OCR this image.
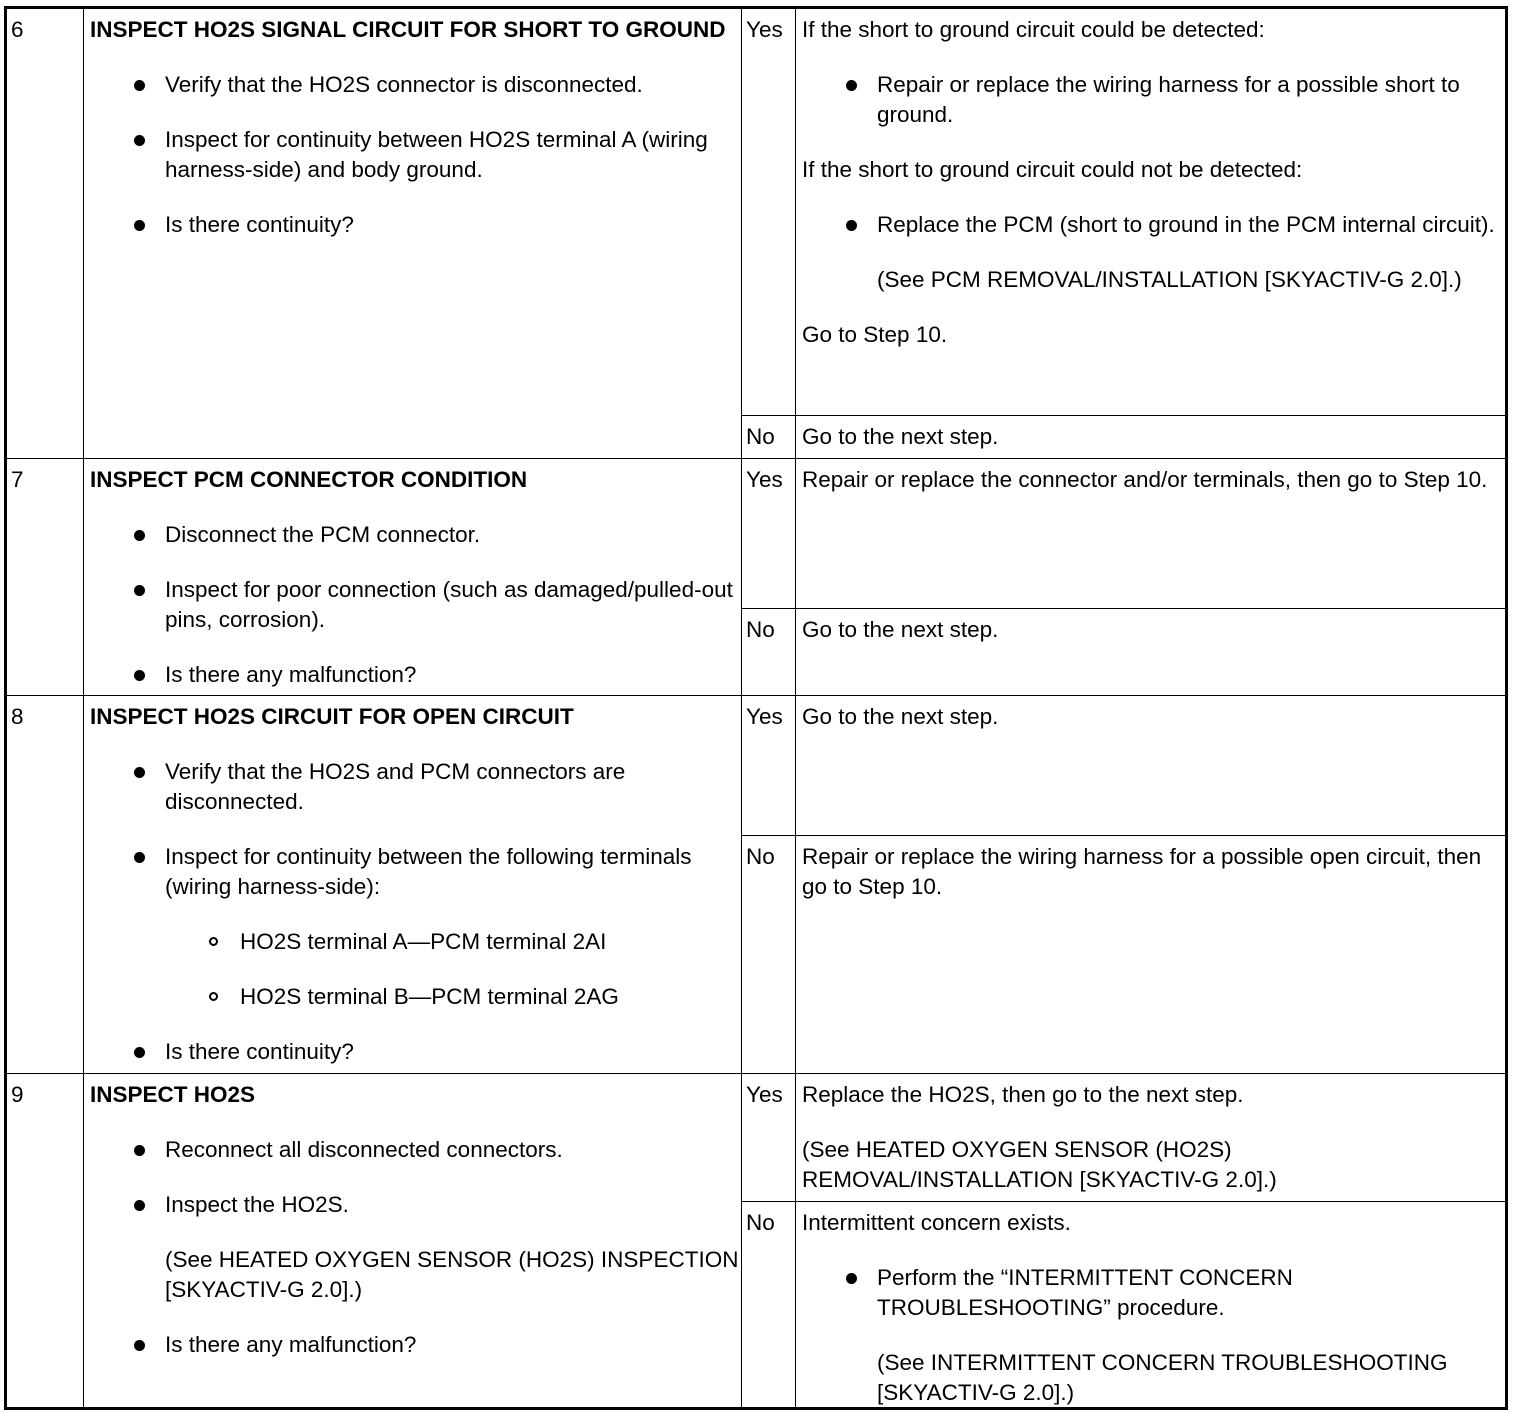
6	INSPECT HO2S SIGNAL CIRCUIT FOR SHORT TO GROUND

Verify that the HO2S connector is disconnected.

Inspect for continuity between HO2S terminal A (wiring harness-side) and body ground.

Is there continuity?

Yes If the short to ground circuit could be detected:

Repair or replace the wiring harness for a possible short to ground.

If the short to ground circuit could not be detected:

Replace the PCM (short to ground in the PCM internal circuit).

(See PCM REMOVAL/INSTALLATION [SKYACTIV-G 2.0].)

Go to Step 10.

No	Go to the next step.

7	INSPECT PCM CONNECTOR CONDITION

Disconnect the PCM connector.

Inspect for poor connection (such as damaged/pulled-out pins, corrosion).

Is there any malfunction?

Yes Repair or replace the connector and/or terminals, then go to Step 10.

No	Go to the next step.

8	INSPECT HO2S CIRCUIT FOR OPEN CIRCUIT

Verify that the HO2S and PCM connectors are disconnected.

Inspect for continuity between the following terminals (wiring harness-side):

HO2S terminal A—PCM terminal 2AI

HO2S terminal B—PCM terminal 2AG

Is there continuity?

Yes Go to the next step.

No	Repair or replace the wiring harness for a possible open circuit, then go to Step 10.

9	INSPECT HO2S

Reconnect all disconnected connectors.

Inspect the HO2S.

(See HEATED OXYGEN SENSOR (HO2S) INSPECTION [SKYACTIV-G 2.0].)

Is there any malfunction?

Yes Replace the HO2S, then go to the next step.

(See HEATED OXYGEN SENSOR (HO2S) REMOVAL/INSTALLATION [SKYACTIV-G 2.0].)

No	Intermittent concern exists.

Perform the “INTERMITTENT CONCERN TROUBLESHOOTING” procedure.

(See INTERMITTENT CONCERN TROUBLESHOOTING [SKYACTIV-G 2.0].)
